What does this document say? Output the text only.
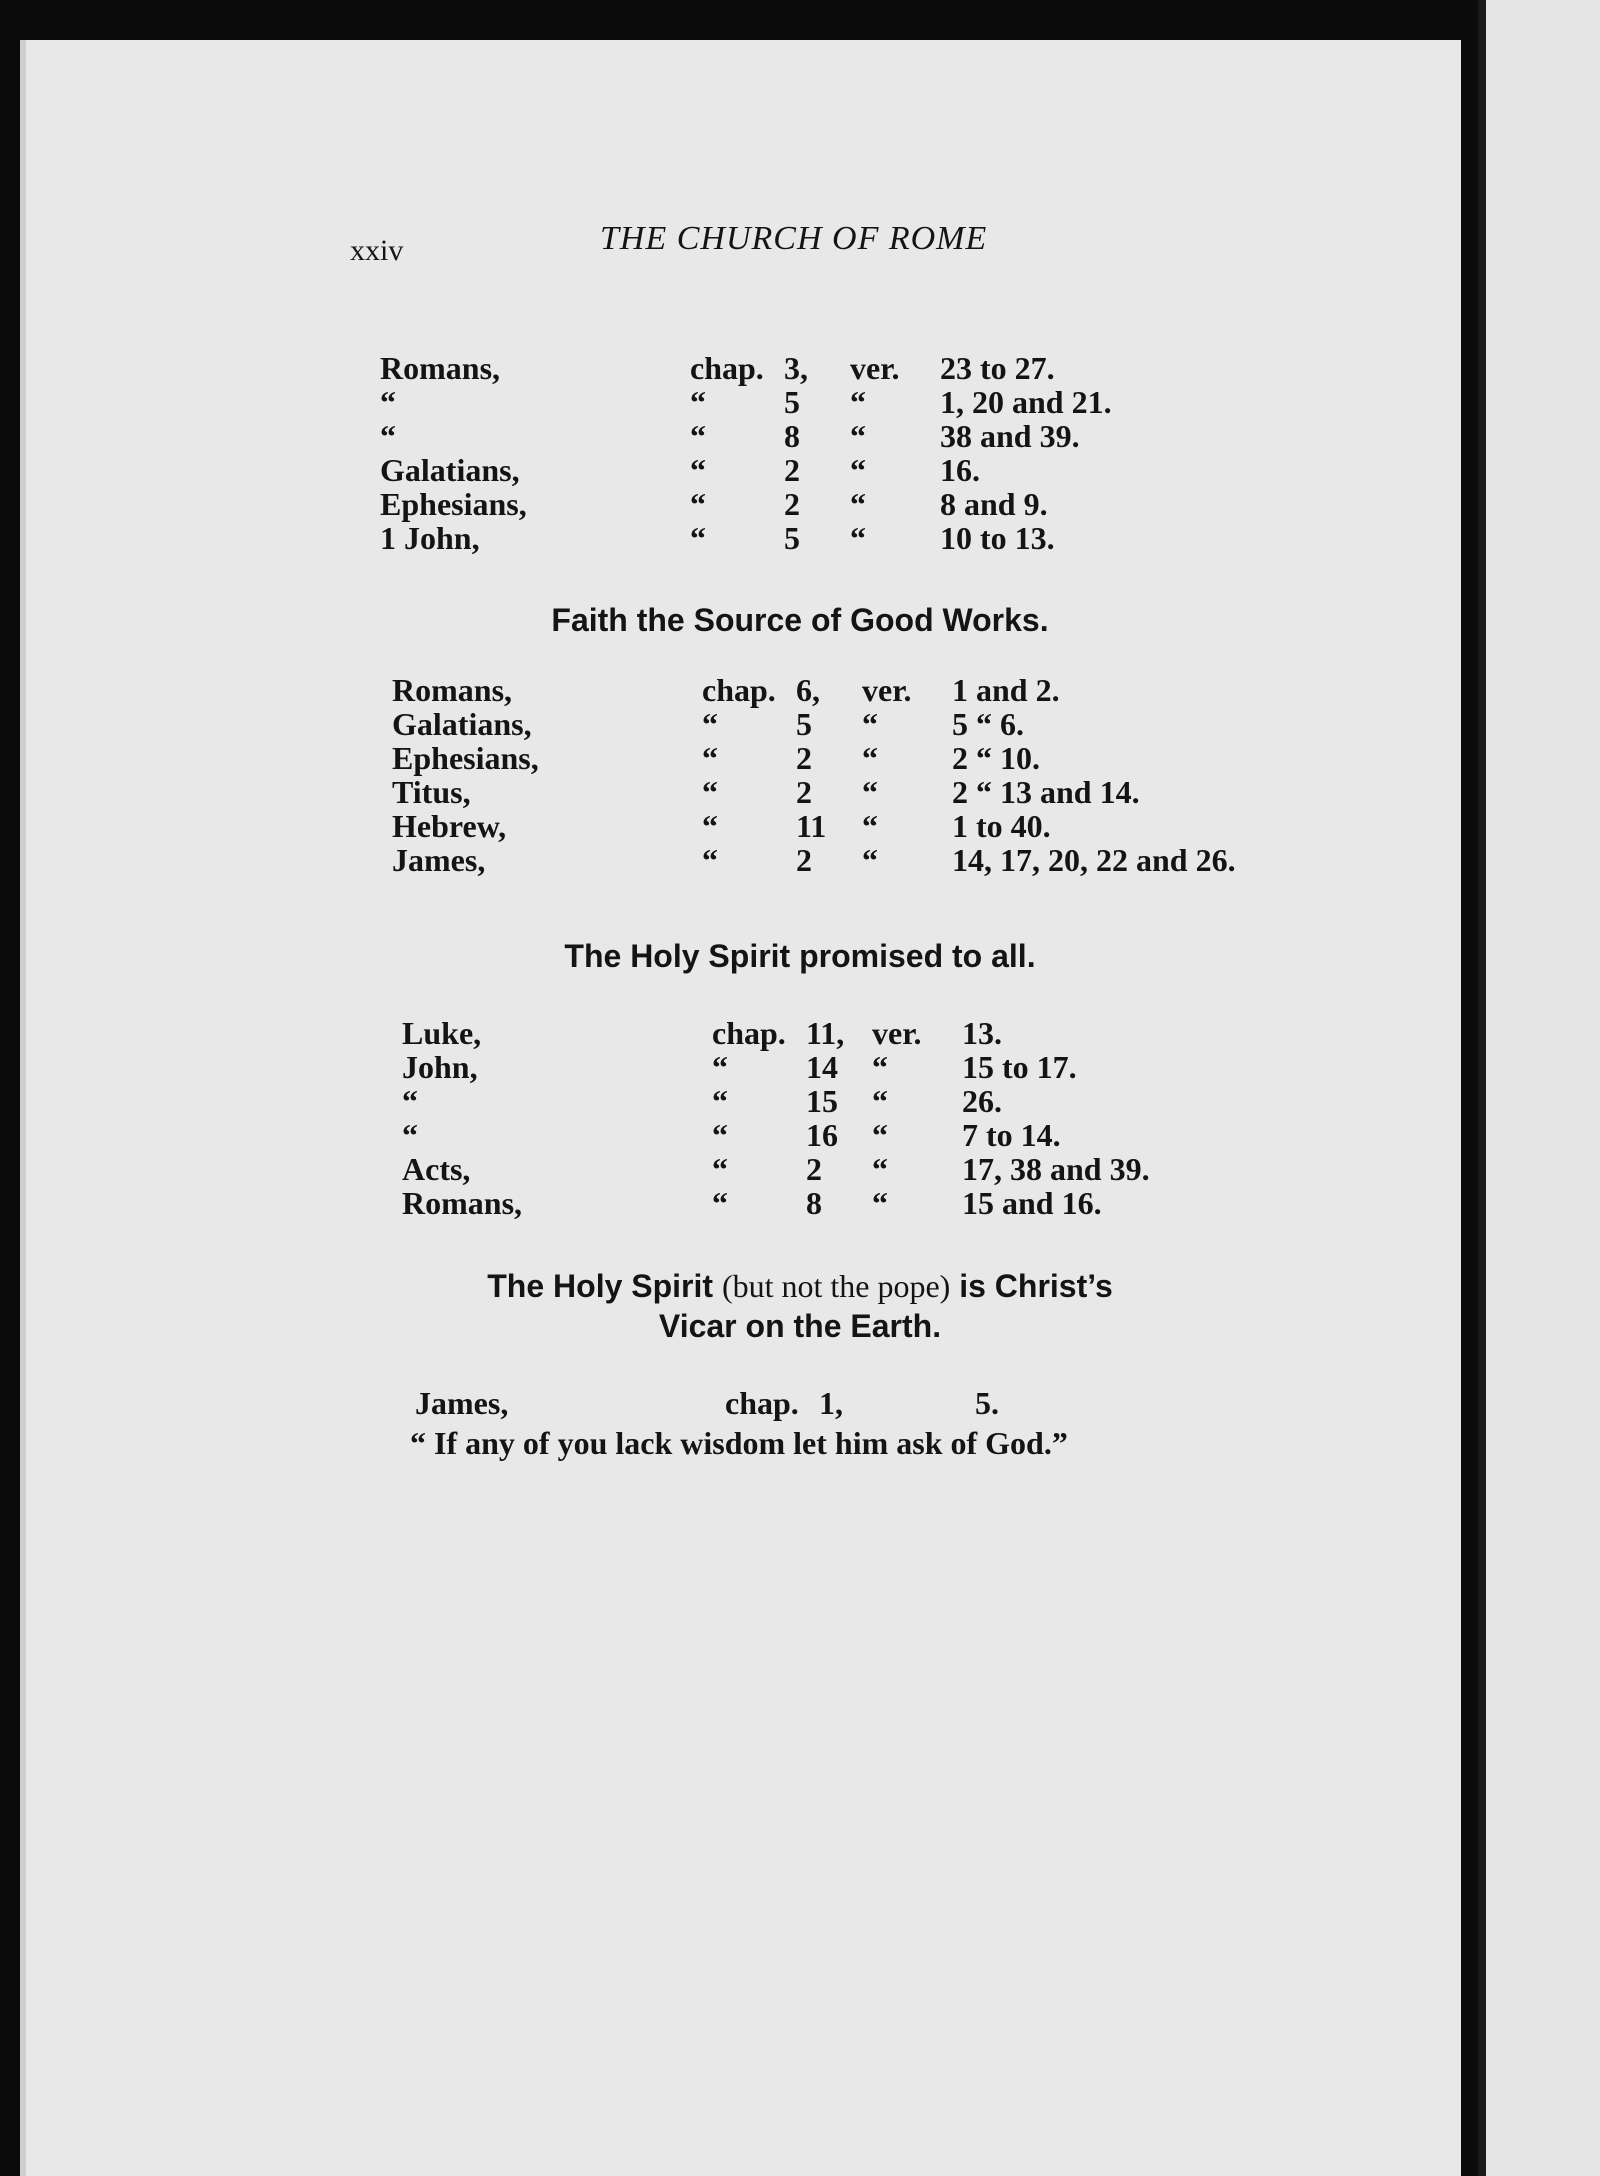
xxiv	THE CHURCH OF ROME
Romans,	chap. 3, ver. 23 to 27.
“	“ 5 “ 1, 20 and 21.
“	“ 8 “ 38 and 39.
Galatians,	“ 2 “ 16.
Ephesians,	“ 2 “ 8 and 9.
1 John,	“ 5 “ 10 to 13.
Faith the Source of Good Works.
Romans,	chap. 6, ver. 1 and 2.
Galatians,	“ 5 “ 5 “ 6.
Ephesians,	“ 2 “ 2 “ 10.
Titus,	“ 2 “ 2 “ 13 and 14.
Hebrew,	“ 11 “ 1 to 40.
James,	“ 2 “ 14, 17, 20, 22 and 26.
The Holy Spirit promised to all.
Luke,	chap. 11, ver. 13.
John,	“ 14 “ 15 to 17.
“	“ 15 “ 26.
“	“ 16 “ 7 to 14.
Acts,	“ 2 “ 17, 38 and 39.
Romans,	“ 8 “ 15 and 16.
The Holy Spirit (but not the pope) is Christ’s
Vicar on the Earth.
James,	chap. 1,	5.
“ If any of you lack wisdom let him ask of God.”
